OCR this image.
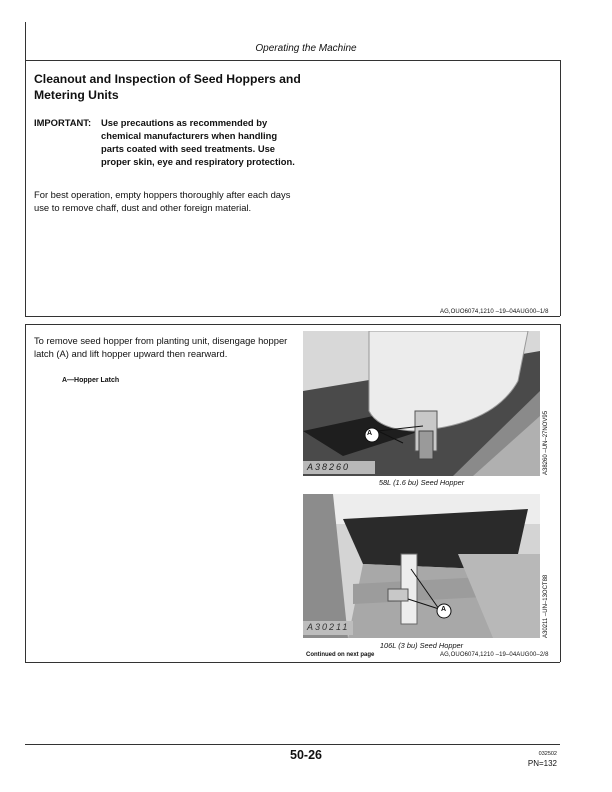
Operating the Machine
Cleanout and Inspection of Seed Hoppers and Metering Units
IMPORTANT: Use precautions as recommended by chemical manufacturers when handling parts coated with seed treatments. Use proper skin, eye and respiratory protection.
For best operation, empty hoppers thoroughly after each days use to remove chaff, dust and other foreign material.
AG,OUO6074,1210 –19–04AUG00–1/8
To remove seed hopper from planting unit, disengage hopper latch (A) and lift hopper upward then rearward.
A—Hopper Latch
A
A38260	A38260 –UN–27NOV95
58L (1.6 bu) Seed Hopper
A
A30211	A30211 –UN–13OCT88
106L (3 bu) Seed Hopper
Continued on next page	AG,OUO6074,1210 –19–04AUG00–2/8
50-26	032502
PN=132
